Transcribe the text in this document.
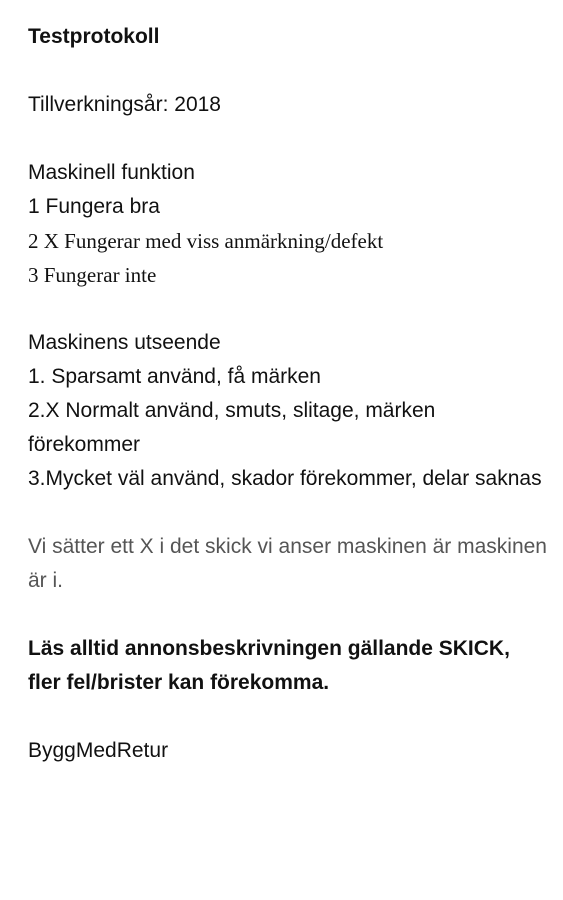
Testprotokoll
Tillverkningsår: 2018
Maskinell funktion
1 Fungera bra
2 X Fungerar med viss anmärkning/defekt
3 Fungerar inte
Maskinens utseende
1. Sparsamt använd, få märken
2.X Normalt använd, smuts, slitage, märken förekommer
3.Mycket väl använd, skador förekommer, delar saknas
Vi sätter ett X i det skick vi anser maskinen är maskinen är i.
Läs alltid annonsbeskrivningen gällande SKICK, fler fel/brister kan förekomma.
ByggMedRetur
